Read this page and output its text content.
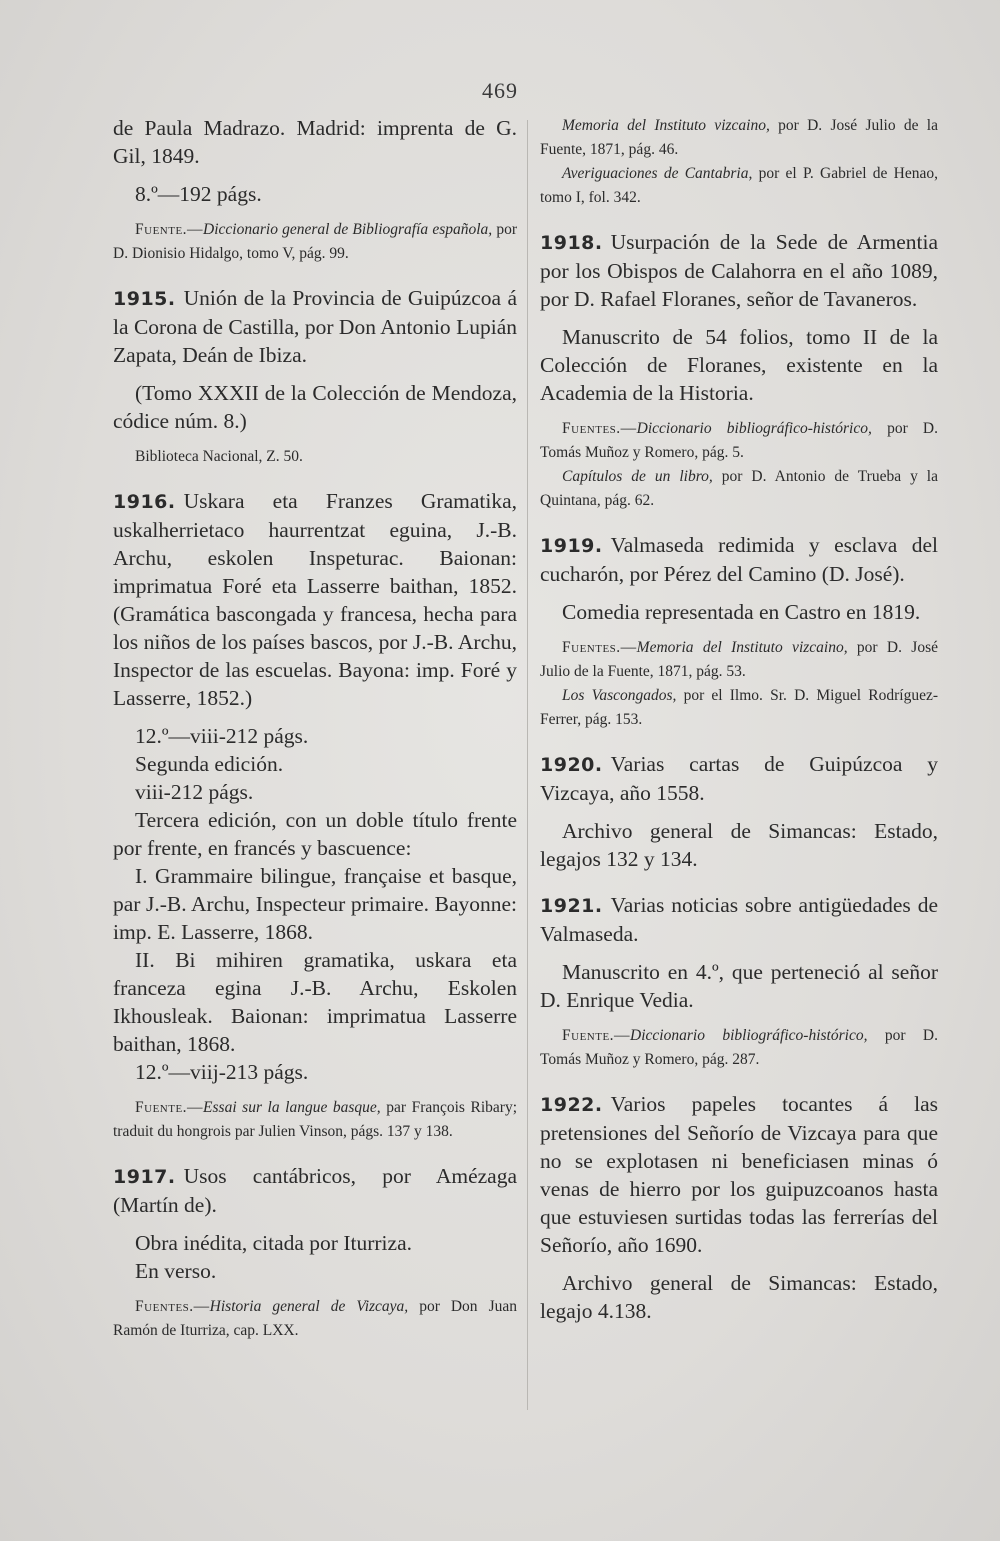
469

de Paula Madrazo. Madrid: imprenta de G. Gil, 1849.

8.º—192 págs.

Fuente.—Diccionario general de Bibliografía española, por D. Dionisio Hidalgo, tomo V, pág. 99.

1915. Unión de la Provincia de Guipúzcoa á la Corona de Castilla, por Don Antonio Lupián Zapata, Deán de Ibiza.

(Tomo XXXII de la Colección de Mendoza, códice núm. 8.)

Biblioteca Nacional, Z. 50.

1916. Uskara eta Franzes Gramatika, uskalherrietaco haurrentzat eguina, J.-B. Archu, eskolen Inspeturac. Baionan: imprimatua Foré eta Lasserre baithan, 1852. (Gramática bascongada y francesa, hecha para los niños de los países bascos, por J.-B. Archu, Inspector de las escuelas. Bayona: imp. Foré y Lasserre, 1852.)

12.º—viii-212 págs.

Segunda edición.

viii-212 págs.

Tercera edición, con un doble título frente por frente, en francés y bascuence:

I. Grammaire bilingue, française et basque, par J.-B. Archu, Inspecteur primaire. Bayonne: imp. E. Lasserre, 1868.

II. Bi mihiren gramatika, uskara eta franceza egina J.-B. Archu, Eskolen Ikhousleak. Baionan: imprimatua Lasserre baithan, 1868.

12.º—viij-213 págs.

Fuente.—Essai sur la langue basque, par François Ribary; traduit du hongrois par Julien Vinson, págs. 137 y 138.

1917. Usos cantábricos, por Amézaga (Martín de).

Obra inédita, citada por Iturriza.

En verso.

Fuentes.—Historia general de Vizcaya, por Don Juan Ramón de Iturriza, cap. LXX.

Memoria del Instituto vizcaino, por D. José Julio de la Fuente, 1871, pág. 46.

Averiguaciones de Cantabria, por el P. Gabriel de Henao, tomo I, fol. 342.

1918. Usurpación de la Sede de Armentia por los Obispos de Calahorra en el año 1089, por D. Rafael Floranes, señor de Tavaneros.

Manuscrito de 54 folios, tomo II de la Colección de Floranes, existente en la Academia de la Historia.

Fuentes.—Diccionario bibliográfico-histórico, por D. Tomás Muñoz y Romero, pág. 5.

Capítulos de un libro, por D. Antonio de Trueba y la Quintana, pág. 62.

1919. Valmaseda redimida y esclava del cucharón, por Pérez del Camino (D. José).

Comedia representada en Castro en 1819.

Fuentes.—Memoria del Instituto vizcaino, por D. José Julio de la Fuente, 1871, pág. 53.

Los Vascongados, por el Ilmo. Sr. D. Miguel Rodríguez-Ferrer, pág. 153.

1920. Varias cartas de Guipúzcoa y Vizcaya, año 1558.

Archivo general de Simancas: Estado, legajos 132 y 134.

1921. Varias noticias sobre antigüedades de Valmaseda.

Manuscrito en 4.º, que perteneció al señor D. Enrique Vedia.

Fuente.—Diccionario bibliográfico-histórico, por D. Tomás Muñoz y Romero, pág. 287.

1922. Varios papeles tocantes á las pretensiones del Señorío de Vizcaya para que no se explotasen ni beneficiasen minas ó venas de hierro por los guipuzcoanos hasta que estuviesen surtidas todas las ferrerías del Señorío, año 1690.

Archivo general de Simancas: Estado, legajo 4.138.
